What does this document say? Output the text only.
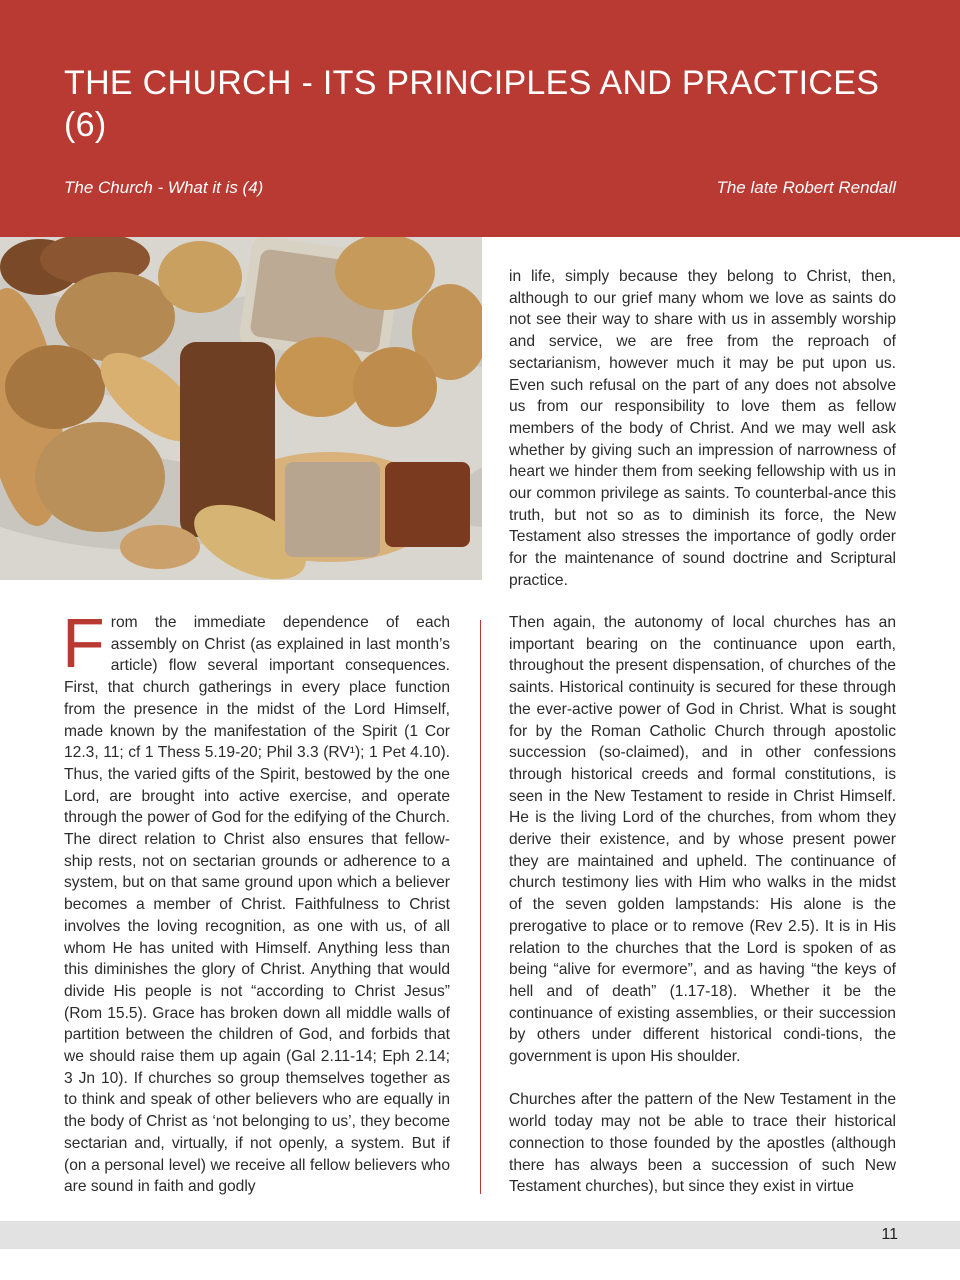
THE CHURCH - ITS PRINCIPLES AND PRACTICES (6)
The Church - What it is (4)	The late Robert Rendall

in life, simply because they belong to Christ, then, although to our grief many whom we love as saints do not see their way to share with us in assembly worship and service, we are free from the reproach of sectarianism, however much it may be put upon us. Even such refusal on the part of any does not absolve us from our responsibility to love them as fellow members of the body of Christ. And we may well ask whether by giving such an impression of narrowness of heart we hinder them from seeking fellowship with us in our common privilege as saints. To counterbal-ance this truth, but not so as to diminish its force, the New Testament also stresses the importance of godly order for the maintenance of sound doctrine and Scriptural practice.

From the immediate dependence of each assembly on Christ (as explained in last month’s article) flow several important consequences. First, that church gatherings in every place function from the presence in the midst of the Lord Himself, made known by the manifestation of the Spirit (1 Cor 12.3, 11; cf 1 Thess 5.19-20; Phil 3.3 (RV¹); 1 Pet 4.10). Thus, the varied gifts of the Spirit, bestowed by the one Lord, are brought into active exercise, and operate through the power of God for the edifying of the Church. The direct relation to Christ also ensures that fellow-ship rests, not on sectarian grounds or adherence to a system, but on that same ground upon which a believer becomes a member of Christ. Faithfulness to Christ involves the loving recognition, as one with us, of all whom He has united with Himself. Anything less than this diminishes the glory of Christ. Anything that would divide His people is not “according to Christ Jesus” (Rom 15.5). Grace has broken down all middle walls of partition between the children of God, and forbids that we should raise them up again (Gal 2.11-14; Eph 2.14; 3 Jn 10). If churches so group themselves together as to think and speak of other believers who are equally in the body of Christ as ‘not belonging to us’, they become sectarian and, virtually, if not openly, a system. But if (on a personal level) we receive all fellow believers who are sound in faith and godly

Then again, the autonomy of local churches has an important bearing on the continuance upon earth, throughout the present dispensation, of churches of the saints. Historical continuity is secured for these through the ever-active power of God in Christ. What is sought for by the Roman Catholic Church through apostolic succession (so-claimed), and in other confessions through historical creeds and formal constitutions, is seen in the New Testament to reside in Christ Himself. He is the living Lord of the churches, from whom they derive their existence, and by whose present power they are maintained and upheld. The continuance of church testimony lies with Him who walks in the midst of the seven golden lampstands: His alone is the prerogative to place or to remove (Rev 2.5). It is in His relation to the churches that the Lord is spoken of as being “alive for evermore”, and as having “the keys of hell and of death” (1.17-18). Whether it be the continuance of existing assemblies, or their succession by others under different historical condi-tions, the government is upon His shoulder.

Churches after the pattern of the New Testament in the world today may not be able to trace their historical connection to those founded by the apostles (although there has always been a succession of such New Testament churches), but since they exist in virtue

11
